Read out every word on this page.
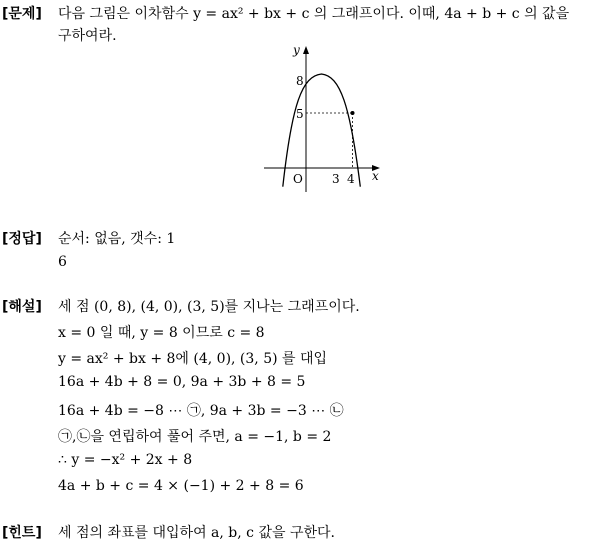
[문제] 다음 그림은 이차함수 y = ax² + bx + c 의 그래프이다. 이때, 4a + b + c 의 값을
구하여라.
y
x
O
8
5
3 4
[정답] 순서: 없음, 갯수: 1
6
[해설] 세 점 (0, 8), (4, 0), (3, 5)를 지나는 그래프이다.
x = 0 일 때, y = 8 이므로 c = 8
y = ax² + bx + 8에 (4, 0), (3, 5) 를 대입
16a + 4b + 8 = 0, 9a + 3b + 8 = 5
16a + 4b = −8 ⋯ ㉠, 9a + 3b = −3 ⋯ ㉡
㉠,㉡을 연립하여 풀어 주면, a = −1, b = 2
∴ y = −x² + 2x + 8
4a + b + c = 4 × (−1) + 2 + 8 = 6
[힌트] 세 점의 좌표를 대입하여 a, b, c 값을 구한다.
